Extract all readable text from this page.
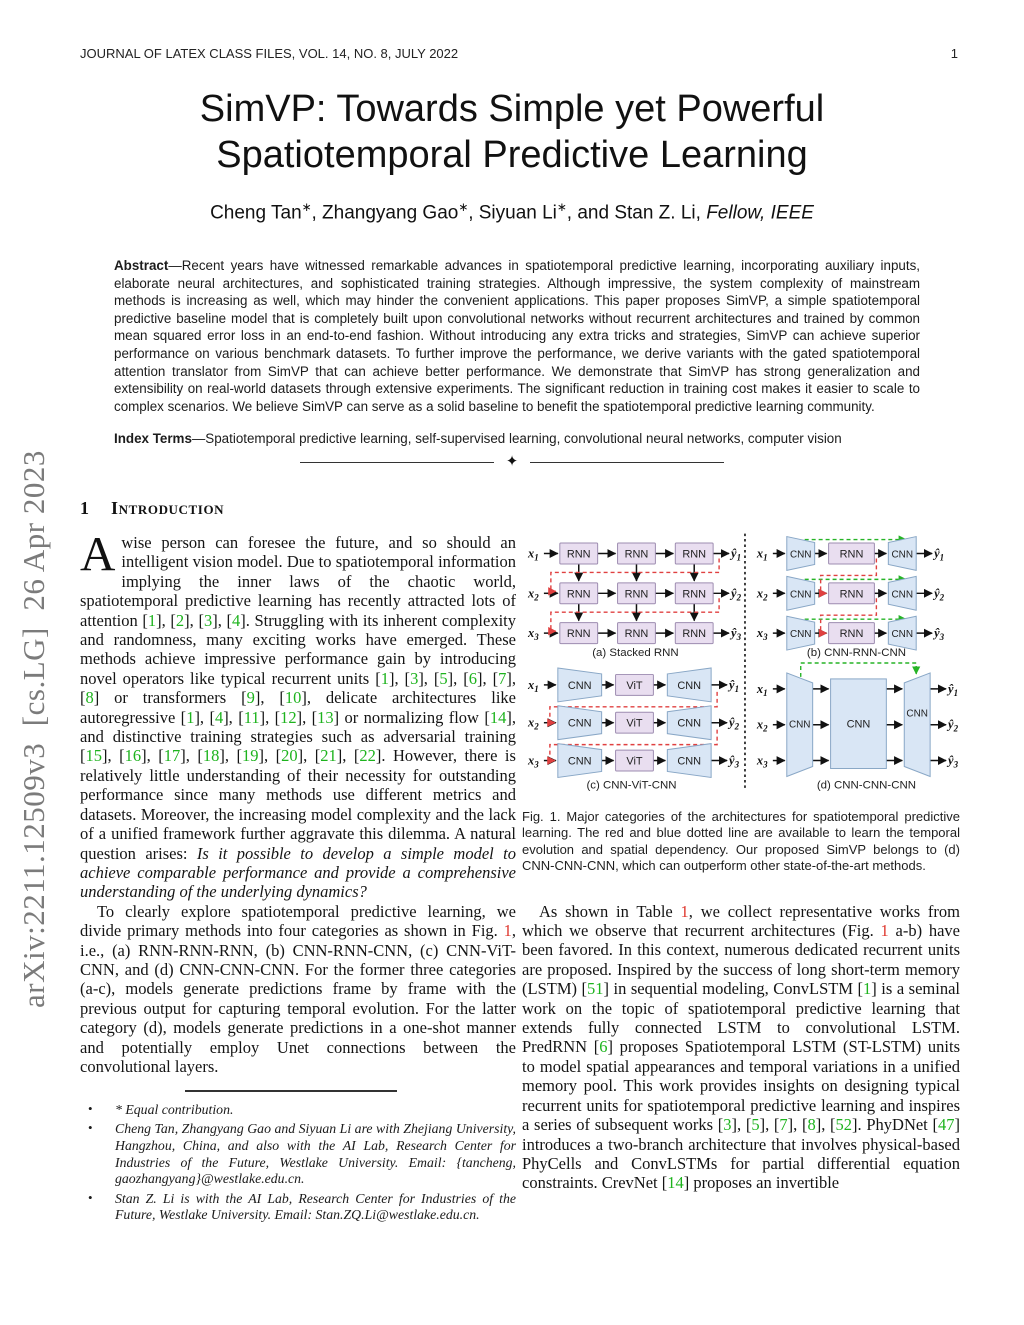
arXiv:2211.12509v3  [cs.LG]  26 Apr 2023
JOURNAL OF LATEX CLASS FILES, VOL. 14, NO. 8, JULY 2022	1
SimVP: Towards Simple yet Powerful
Spatiotemporal Predictive Learning
Cheng Tan∗, Zhangyang Gao∗, Siyuan Li∗, and Stan Z. Li, Fellow, IEEE
Abstract—Recent years have witnessed remarkable advances in spatiotemporal predictive learning, incorporating auxiliary inputs, elaborate neural architectures, and sophisticated training strategies. Although impressive, the system complexity of mainstream methods is increasing as well, which may hinder the convenient applications. This paper proposes SimVP, a simple spatiotemporal predictive baseline model that is completely built upon convolutional networks without recurrent architectures and trained by common mean squared error loss in an end-to-end fashion. Without introducing any extra tricks and strategies, SimVP can achieve superior performance on various benchmark datasets. To further improve the performance, we derive variants with the gated spatiotemporal attention translator from SimVP that can achieve better performance. We demonstrate that SimVP has strong generalization and extensibility on real-world datasets through extensive experiments. The significant reduction in training cost makes it easier to scale to complex scenarios. We believe SimVP can serve as a solid baseline to benefit the spatiotemporal predictive learning community.
Index Terms—Spatiotemporal predictive learning, self-supervised learning, convolutional neural networks, computer vision
✦
1 Introduction

Awise person can foresee the future, and so should an intelligent vision model. Due to spatiotemporal information implying the inner laws of the chaotic world, spatiotemporal predictive learning has recently attracted lots of attention [1], [2], [3], [4]. Struggling with its inherent complexity and randomness, many exciting works have emerged. These methods achieve impressive performance gain by introducing novel operators like typical recurrent units [1], [3], [5], [6], [7], [8] or transformers [9], [10], delicate architectures like autoregressive [1], [4], [11], [12], [13] or normalizing flow [14], and distinctive training strategies such as adversarial training [15], [16], [17], [18], [19], [20], [21], [22]. However, there is relatively little understanding of their necessity for outstanding performance since many methods use different metrics and datasets. Moreover, the increasing model complexity and the lack of a unified framework further aggravate this dilemma. A natural question arises: Is it possible to develop a simple model to achieve comparable performance and provide a comprehensive understanding of the underlying dynamics?

To clearly explore spatiotemporal predictive learning, we divide primary methods into four categories as shown in Fig. 1, i.e., (a) RNN-RNN-RNN, (b) CNN-RNN-CNN, (c) CNN-ViT-CNN, and (d) CNN-CNN-CNN. For the former three categories (a-c), models generate predictions frame by frame with the previous output for capturing temporal evolution. For the latter category (d), models generate predictions in a one-shot manner and potentially employ Unet connections between the convolutional layers.

• * Equal contribution.
• Cheng Tan, Zhangyang Gao and Siyuan Li are with Zhejiang University, Hangzhou, China, and also with the AI Lab, Research Center for Industries of the Future, Westlake University. Email: {tancheng, gaozhangyang}@westlake.edu.cn.
• Stan Z. Li is with the AI Lab, Research Center for Industries of the Future, Westlake University. Email: Stan.ZQ.Li@westlake.edu.cn.
RNN	RNN	RNN
RNN	RNN	RNN
RNN	RNN	RNN
$x_1$
$x_2$
$x_3$
$ŷ_1$
$ŷ_2$
$ŷ_3$
(a) Stacked RNN
CNN
CNN
CNN
RNN
RNN
RNN
CNN
CNN
CNN
$x_1$
$x_2$
$x_3$
$ŷ_1$
$ŷ_2$
$ŷ_3$
(b) CNN-RNN-CNN
CNN
CNN
CNN
ViT
ViT
ViT
CNN
CNN
CNN
$x_1$
$x_2$
$x_3$
$ŷ_1$
$ŷ_2$
$ŷ_3$
(c) CNN-ViT-CNN
CNN	CNN
CNN
$x_1$
$x_2$
$x_3$
$ŷ_1$
$ŷ_2$
$ŷ_3$
(d) CNN-CNN-CNN
Fig. 1. Major categories of the architectures for spatiotemporal predictive learning. The red and blue dotted line are available to learn the temporal evolution and spatial dependency. Our proposed SimVP belongs to (d) CNN-CNN-CNN, which can outperform other state-of-the-art methods.

As shown in Table 1, we collect representative works from which we observe that recurrent architectures (Fig. 1 a-b) have been favored. In this context, numerous dedicated recurrent units are proposed. Inspired by the success of long short-term memory (LSTM) [51] in sequential modeling, ConvLSTM [1] is a seminal work on the topic of spatiotemporal predictive learning that extends fully connected LSTM to convolutional LSTM. PredRNN [6] proposes Spatiotemporal LSTM (ST-LSTM) units to model spatial appearances and temporal variations in a unified memory pool. This work provides insights on designing typical recurrent units for spatiotemporal predictive learning and inspires a series of subsequent works [3], [5], [7], [8], [52]. PhyDNet [47] introduces a two-branch architecture that involves physical-based PhyCells and ConvLSTMs for partial differential equation constraints. CrevNet [14] proposes an invertible
